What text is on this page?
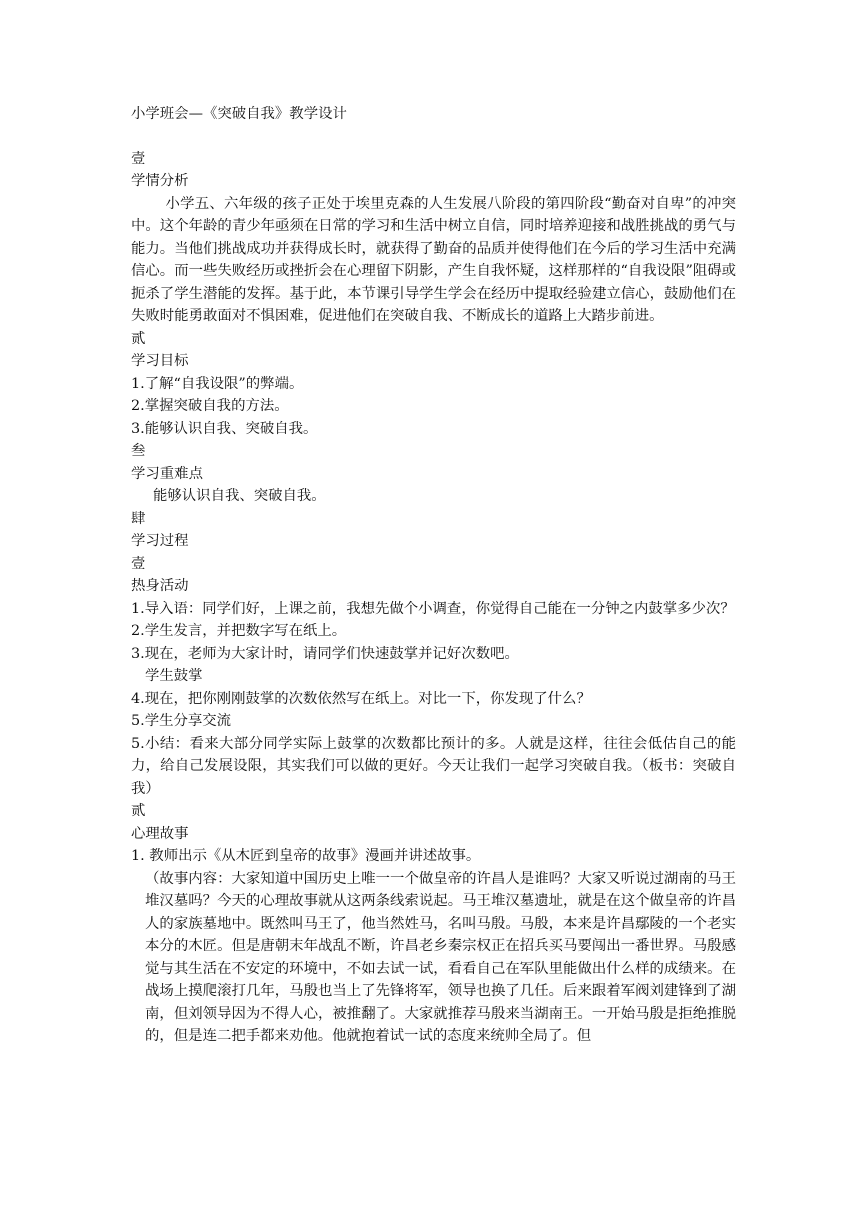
小学班会—《突破自我》教学设计
壹
学情分析
小学五、六年级的孩子正处于埃里克森的人生发展八阶段的第四阶段“勤奋对自卑”的冲突中。这个年龄的青少年亟须在日常的学习和生活中树立自信，同时培养迎接和战胜挑战的勇气与能力。当他们挑战成功并获得成长时，就获得了勤奋的品质并使得他们在今后的学习生活中充满信心。而一些失败经历或挫折会在心理留下阴影，产生自我怀疑，这样那样的“自我设限”阻碍或扼杀了学生潜能的发挥。基于此，本节课引导学生学会在经历中提取经验建立信心，鼓励他们在失败时能勇敢面对不惧困难，促进他们在突破自我、不断成长的道路上大踏步前进。
贰
学习目标
1.了解“自我设限”的弊端。
2.掌握突破自我的方法。
3.能够认识自我、突破自我。
叁
学习重难点
能够认识自我、突破自我。
肆
学习过程
壹
热身活动
1.导入语：同学们好，上课之前，我想先做个小调查，你觉得自己能在一分钟之内鼓掌多少次？
2.学生发言，并把数字写在纸上。
3.现在，老师为大家计时，请同学们快速鼓掌并记好次数吧。
学生鼓掌
4.现在，把你刚刚鼓掌的次数依然写在纸上。对比一下，你发现了什么？
5.学生分享交流
5.小结：看来大部分同学实际上鼓掌的次数都比预计的多。人就是这样，往往会低估自己的能力，给自己发展设限，其实我们可以做的更好。今天让我们一起学习突破自我。（板书：突破自我）
贰
心理故事
1. 教师出示《从木匠到皇帝的故事》漫画并讲述故事。
（故事内容：大家知道中国历史上唯一一个做皇帝的许昌人是谁吗？大家又听说过湖南的马王堆汉墓吗？今天的心理故事就从这两条线索说起。马王堆汉墓遗址，就是在这个做皇帝的许昌人的家族墓地中。既然叫马王了，他当然姓马，名叫马殷。马殷，本来是许昌鄢陵的一个老实本分的木匠。但是唐朝末年战乱不断，许昌老乡秦宗权正在招兵买马要闯出一番世界。马殷感觉与其生活在不安定的环境中，不如去试一试，看看自己在军队里能做出什么样的成绩来。在战场上摸爬滚打几年，马殷也当上了先锋将军，领导也换了几任。后来跟着军阀刘建锋到了湖南，但刘领导因为不得人心，被推翻了。大家就推荐马殷来当湖南王。一开始马殷是拒绝推脱的，但是连二把手都来劝他。他就抱着试一试的态度来统帅全局了。但
